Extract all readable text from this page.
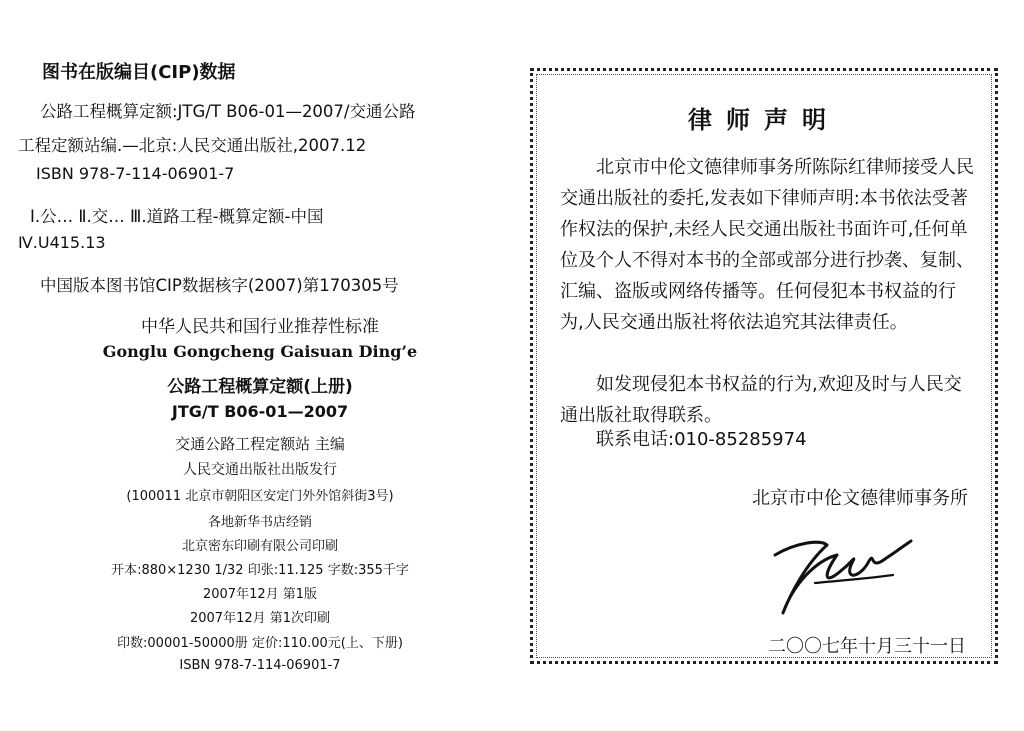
图书在版编目(CIP)数据
公路工程概算定额:JTG/T B06-01—2007/交通公路
工程定额站编.—北京:人民交通出版社,2007.12
ISBN 978-7-114-06901-7
Ⅰ.公… Ⅱ.交… Ⅲ.道路工程-概算定额-中国
Ⅳ.U415.13
中国版本图书馆CIP数据核字(2007)第170305号
中华人民共和国行业推荐性标准
Gonglu Gongcheng Gaisuan Ding’e
公路工程概算定额(上册)
JTG/T B06-01—2007
交通公路工程定额站 主编
人民交通出版社出版发行
(100011 北京市朝阳区安定门外外馆斜街3号)
各地新华书店经销
北京密东印刷有限公司印刷
开本:880×1230 1/32 印张:11.125 字数:355千字
2007年12月 第1版
2007年12月 第1次印刷
印数:00001-50000册 定价:110.00元(上、下册)
ISBN 978-7-114-06901-7
律师声明
北京市中伦文德律师事务所陈际红律师接受人民交通出版社的委托,发表如下律师声明:本书依法受著作权法的保护,未经人民交通出版社书面许可,任何单位及个人不得对本书的全部或部分进行抄袭、复制、汇编、盗版或网络传播等。任何侵犯本书权益的行为,人民交通出版社将依法追究其法律责任。
如发现侵犯本书权益的行为,欢迎及时与人民交通出版社取得联系。
联系电话:010-85285974
北京市中伦文德律师事务所
二〇〇七年十月三十一日
